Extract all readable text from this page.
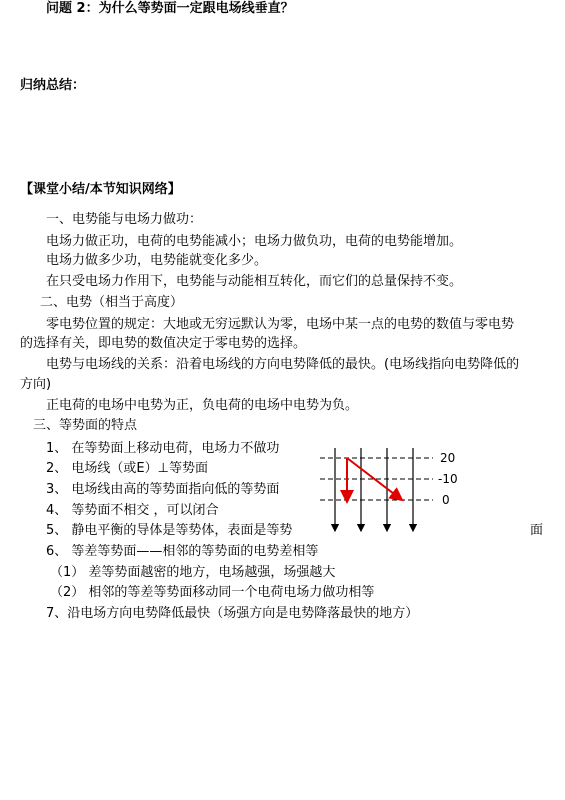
问题 2：为什么等势面一定跟电场线垂直？
归纳总结：
【课堂小结/本节知识网络】
一、电势能与电场力做功：
电场力做正功，电荷的电势能减小；电场力做负功，电荷的电势能增加。
电场力做多少功，电势能就变化多少。
在只受电场力作用下，电势能与动能相互转化，而它们的总量保持不变。
二、电势（相当于高度）
零电势位置的规定：大地或无穷远默认为零，电场中某一点的电势的数值与零电势
的选择有关，即电势的数值决定于零电势的选择。
电势与电场线的关系：沿着电场线的方向电势降低的最快。(电场线指向电势降低的
方向)
正电荷的电场中电势为正，负电荷的电场中电势为负。
三、等势面的特点
1、 在等势面上移动电荷，电场力不做功
2、 电场线（或E）⊥等势面
3、 电场线由高的等势面指向低的等势面
4、 等势面不相交 ，可以闭合
5、 静电平衡的导体是等势体，表面是等势	面
6、 等差等势面——相邻的等势面的电势差相等
（1） 差等势面越密的地方，电场越强，场强越大
（2） 相邻的等差等势面移动同一个电荷电场力做功相等
7、沿电场方向电势降低最快（场强方向是电势降落最快的地方）
20
-10
0
